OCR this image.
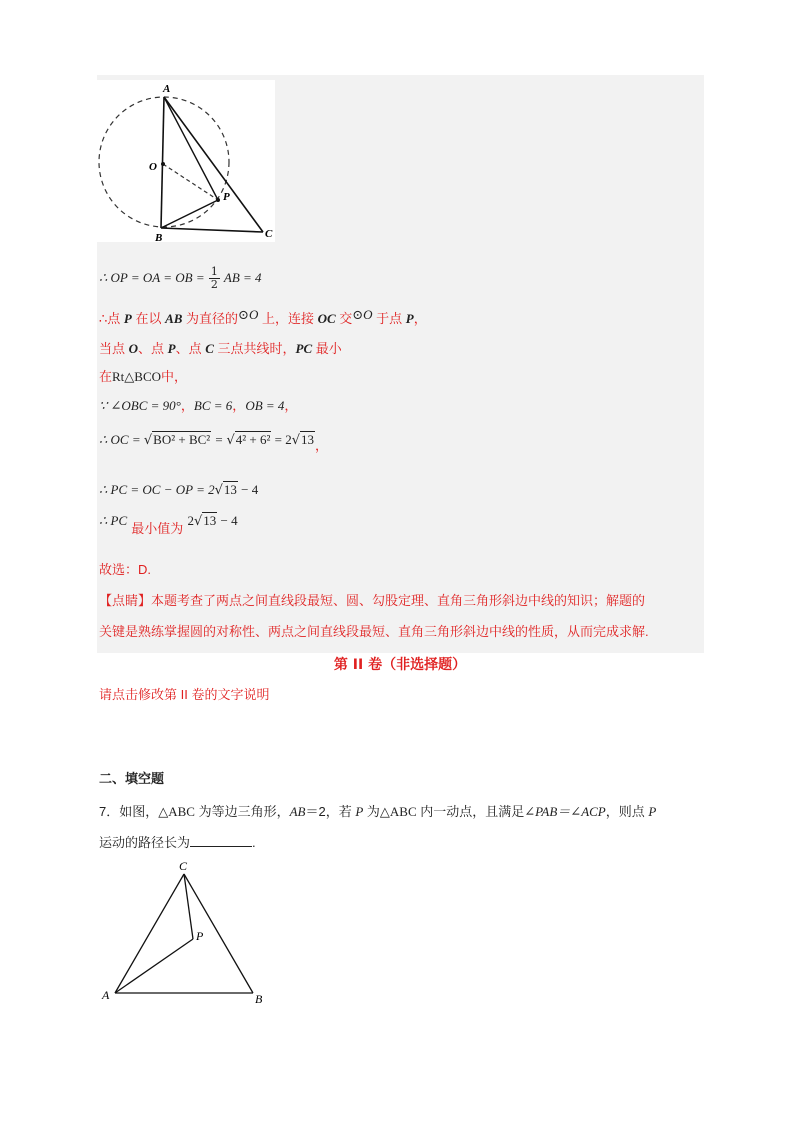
A
O
P
B	C
∴ OP = OA = OB = $\frac{1}{2}$ AB = 4
∴点 P 在以 AB 为直径的⊙O 上，连接 OC 交⊙O 于点 P，
当点 O、点 P、点 C 三点共线时，PC 最小
在Rt△BCO中，
∵ ∠OBC = 90°，BC = 6，OB = 4，
∴ OC = √BO² + BC² = √4² + 6² = 2√13，
∴ PC = OC − OP = 2√13 − 4
∴ PC 最小值为 2√13 − 4
故选：D.
【点睛】本题考查了两点之间直线段最短、圆、勾股定理、直角三角形斜边中线的知识；解题的
关键是熟练掌握圆的对称性、两点之间直线段最短、直角三角形斜边中线的性质，从而完成求解.
第 II 卷（非选择题）
请点击修改第 II 卷的文字说明
二、填空题
7．如图，△ABC 为等边三角形，AB＝2，若 P 为△ABC 内一动点，且满足∠PAB＝∠ACP，则点 P
运动的路径长为	.
C
P
A	B
